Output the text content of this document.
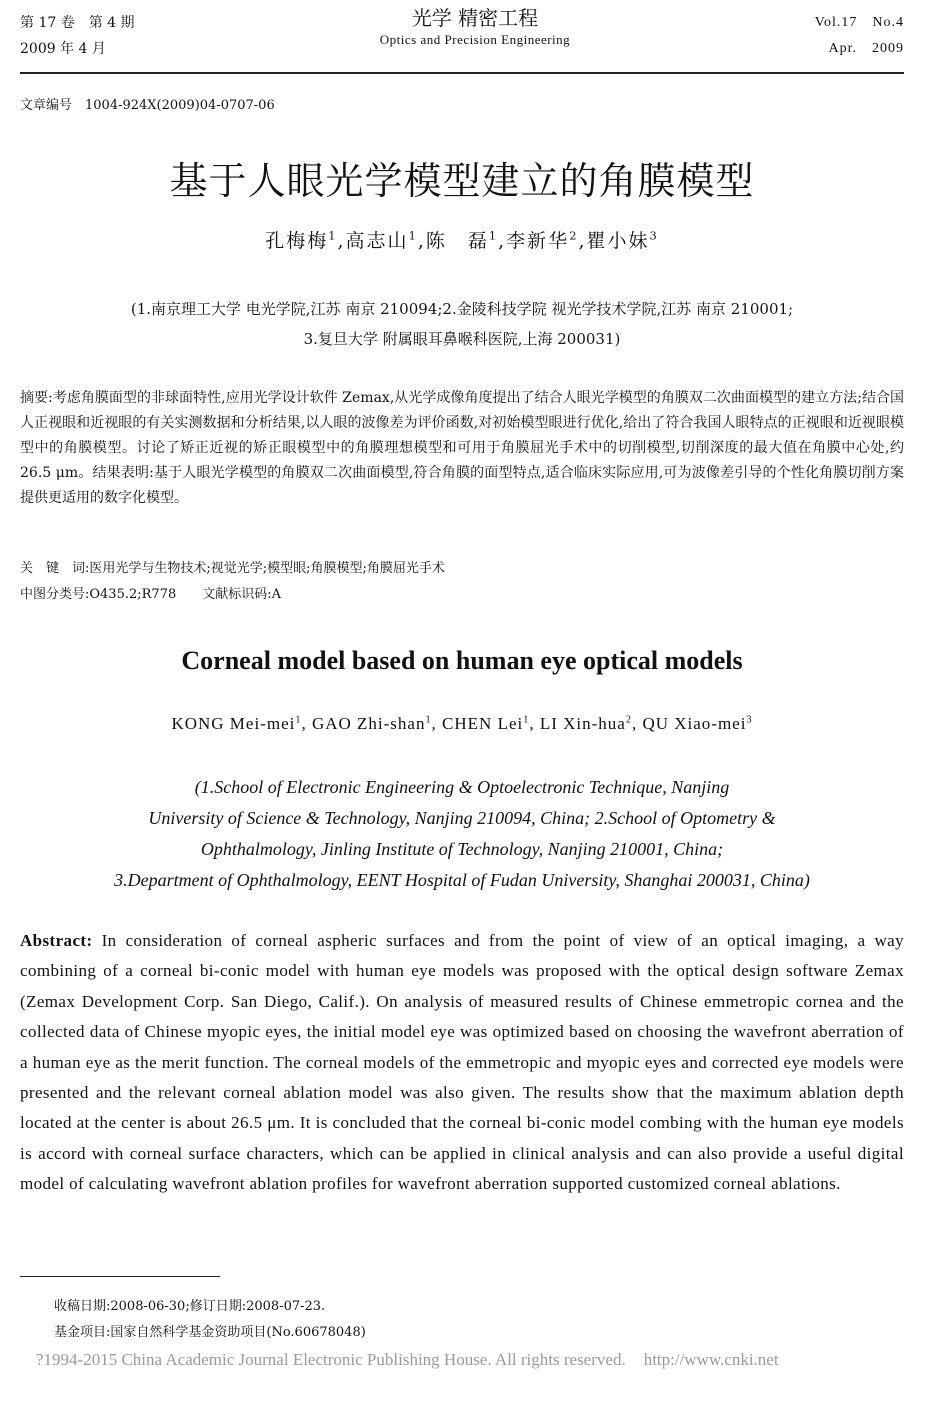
第 17 卷　第 4 期
2009 年 4 月
光学 精密工程
Optics and Precision Engineering
Vol.17　No.4
Apr.　2009
文章编号　1004-924X(2009)04-0707-06
基于人眼光学模型建立的角膜模型
孔梅梅$^1$,高志山$^1$,陈　磊$^1$,李新华$^2$,瞿小妹$^3$
(1.南京理工大学 电光学院,江苏 南京 210094;2.金陵科技学院 视光学技术学院,江苏 南京 210001;
3.复旦大学 附属眼耳鼻喉科医院,上海 200031)
摘要:考虑角膜面型的非球面特性,应用光学设计软件 Zemax,从光学成像角度提出了结合人眼光学模型的角膜双二次曲面模型的建立方法;结合国人正视眼和近视眼的有关实测数据和分析结果,以人眼的波像差为评价函数,对初始模型眼进行优化,给出了符合我国人眼特点的正视眼和近视眼模型中的角膜模型。讨论了矫正近视的矫正眼模型中的角膜理想模型和可用于角膜屈光手术中的切削模型,切削深度的最大值在角膜中心处,约 26.5 μm。结果表明:基于人眼光学模型的角膜双二次曲面模型,符合角膜的面型特点,适合临床实际应用,可为波像差引导的个性化角膜切削方案提供更适用的数字化模型。
关　键　词:医用光学与生物技术;视觉光学;模型眼;角膜模型;角膜屈光手术
中图分类号:O435.2;R778　　文献标识码:A
Corneal model based on human eye optical models
KONG Mei-mei$^1$, GAO Zhi-shan$^1$, CHEN Lei$^1$, LI Xin-hua$^2$, QU Xiao-mei$^3$
(1.School of Electronic Engineering & Optoelectronic Technique, Nanjing
University of Science & Technology, Nanjing 210094, China; 2.School of Optometry &
Ophthalmology, Jinling Institute of Technology, Nanjing 210001, China;
3.Department of Ophthalmology, EENT Hospital of Fudan University, Shanghai 200031, China)
Abstract: In consideration of corneal aspheric surfaces and from the point of view of an optical imaging, a way combining of a corneal bi-conic model with human eye models was proposed with the optical design software Zemax (Zemax Development Corp. San Diego, Calif.). On analysis of measured results of Chinese emmetropic cornea and the collected data of Chinese myopic eyes, the initial model eye was optimized based on choosing the wavefront aberration of a human eye as the merit function. The corneal models of the emmetropic and myopic eyes and corrected eye models were presented and the relevant corneal ablation model was also given. The results show that the maximum ablation depth located at the center is about 26.5 μm. It is concluded that the corneal bi-conic model combing with the human eye models is accord with corneal surface characters, which can be applied in clinical analysis and can also provide a useful digital model of calculating wavefront ablation profiles for wavefront aberration supported customized corneal ablations.
收稿日期:2008-06-30;修订日期:2008-07-23.
基金项目:国家自然科学基金资助项目(No.60678048)
?1994-2015 China Academic Journal Electronic Publishing House. All rights reserved. http://www.cnki.net
